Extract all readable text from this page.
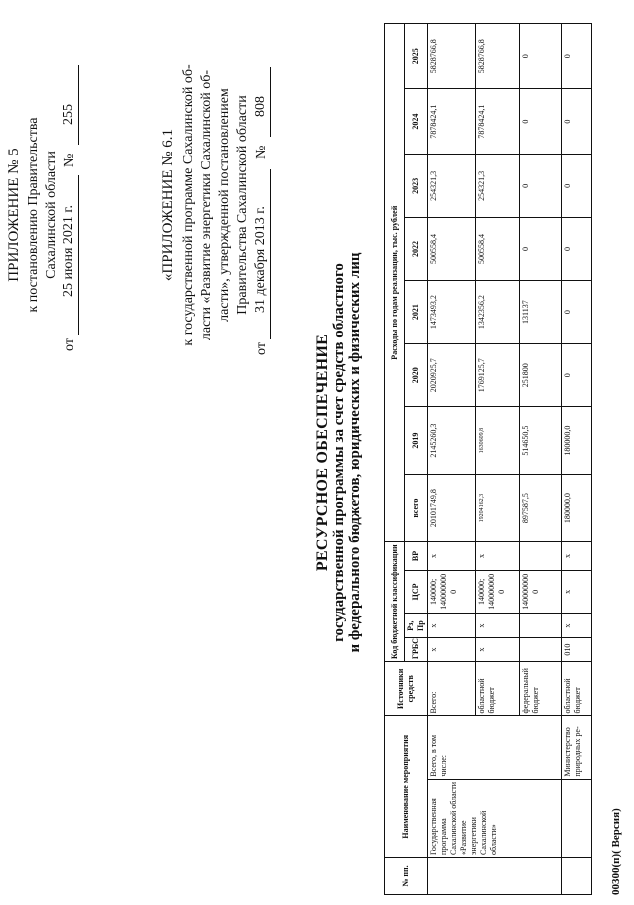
ПРИЛОЖЕНИЕ № 5 к постановлению Правительства Сахалинской области
от
25 июня 2021 г.
№
255
«ПРИЛОЖЕНИЕ № 6.1 к государственной программе Сахалинской об- ласти «Развитие энергетики Сахалинской об- ласти», утвержденной постановлением Правительства Сахалинской области
от
31 декабря 2013 г.
№
808
РЕСУРСНОЕ ОБЕСПЕЧЕНИЕ государственной программы за счет средств областного и федерального бюджетов, юридических и физических лиц
№ пп.	Наименование мероприятия		Источники средств	Код бюджетной классификации				Расходы по годам реализации, тыс. рублей							
				ГРБС	Рз, Пр	ЦСР	ВР	всего	2019	2020	2021	2022	2023	2024	2025
	Государственная программа Сахалинской области «Развитие энергетики Сахалинской области»	Всего, в том числе:	Всего:	x	x	140000; 140000000 0	x	20101749,8	2145260,3	2020925,7	1473493,2	500558,4	254321,3	7878424,1	5828766,8
			областной бюджет	x	x	140000; 140000000 0	x	19204162,3	1630609,8	1769125,7	1342356,2	500558,4	254321,3	7878424,1	5828766,8
			федеральный бюджет			140000000 0		897587,5	514650,5	251800	131137	0	0	0	0
		Министерство природных ре-	областной бюджет	010	x	x	x	180000,0	180000,0	0	0	0	0	0	0
00300(п)( Версия)
